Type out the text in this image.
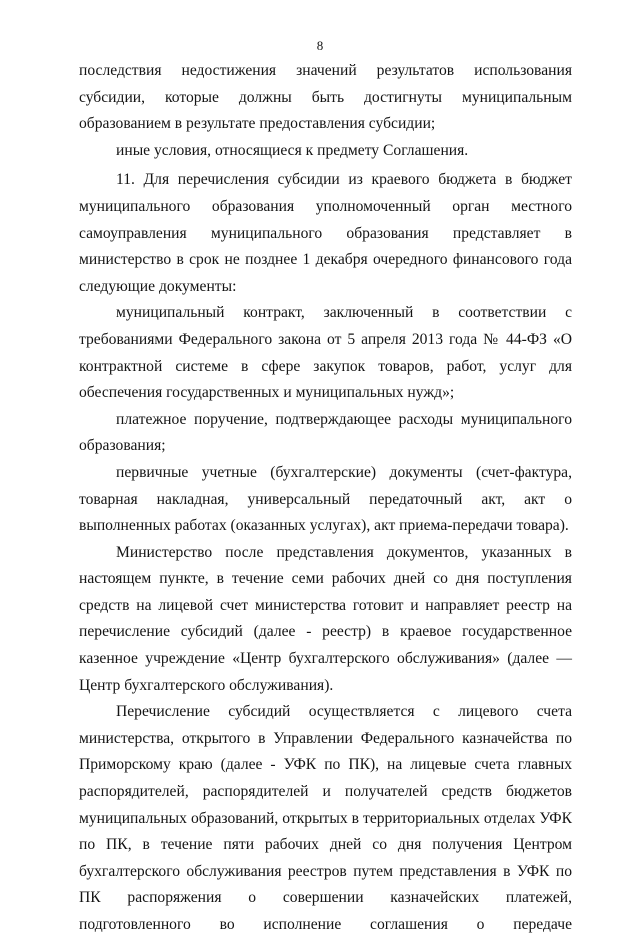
8

последствия недостижения значений результатов использования субсидии, которые должны быть достигнуты муниципальным образованием в результате предоставления субсидии;

иные условия, относящиеся к предмету Соглашения.

11. Для перечисления субсидии из краевого бюджета в бюджет муниципального образования уполномоченный орган местного самоуправления муниципального образования представляет в министерство в срок не позднее 1 декабря очередного финансового года следующие документы:

муниципальный контракт, заключенный в соответствии с требованиями Федерального закона от 5 апреля 2013 года № 44-ФЗ «О контрактной системе в сфере закупок товаров, работ, услуг для обеспечения государственных и муниципальных нужд»;

платежное поручение, подтверждающее расходы муниципального образования;

первичные учетные (бухгалтерские) документы (счет-фактура, товарная накладная, универсальный передаточный акт, акт о выполненных работах (оказанных услугах), акт приема-передачи товара).

Министерство после представления документов, указанных в настоящем пункте, в течение семи рабочих дней со дня поступления средств на лицевой счет министерства готовит и направляет реестр на перечисление субсидий (далее - реестр) в краевое государственное казенное учреждение «Центр бухгалтерского обслуживания» (далее — Центр бухгалтерского обслуживания).

Перечисление субсидий осуществляется с лицевого счета министерства, открытого в Управлении Федерального казначейства по Приморскому краю (далее - УФК по ПК), на лицевые счета главных распорядителей, распорядителей и получателей средств бюджетов муниципальных образований, открытых в территориальных отделах УФК по ПК, в течение пяти рабочих дней со дня получения Центром бухгалтерского обслуживания реестров путем представления в УФК по ПК распоряжения о совершении казначейских платежей, подготовленного во исполнение соглашения о передаче
